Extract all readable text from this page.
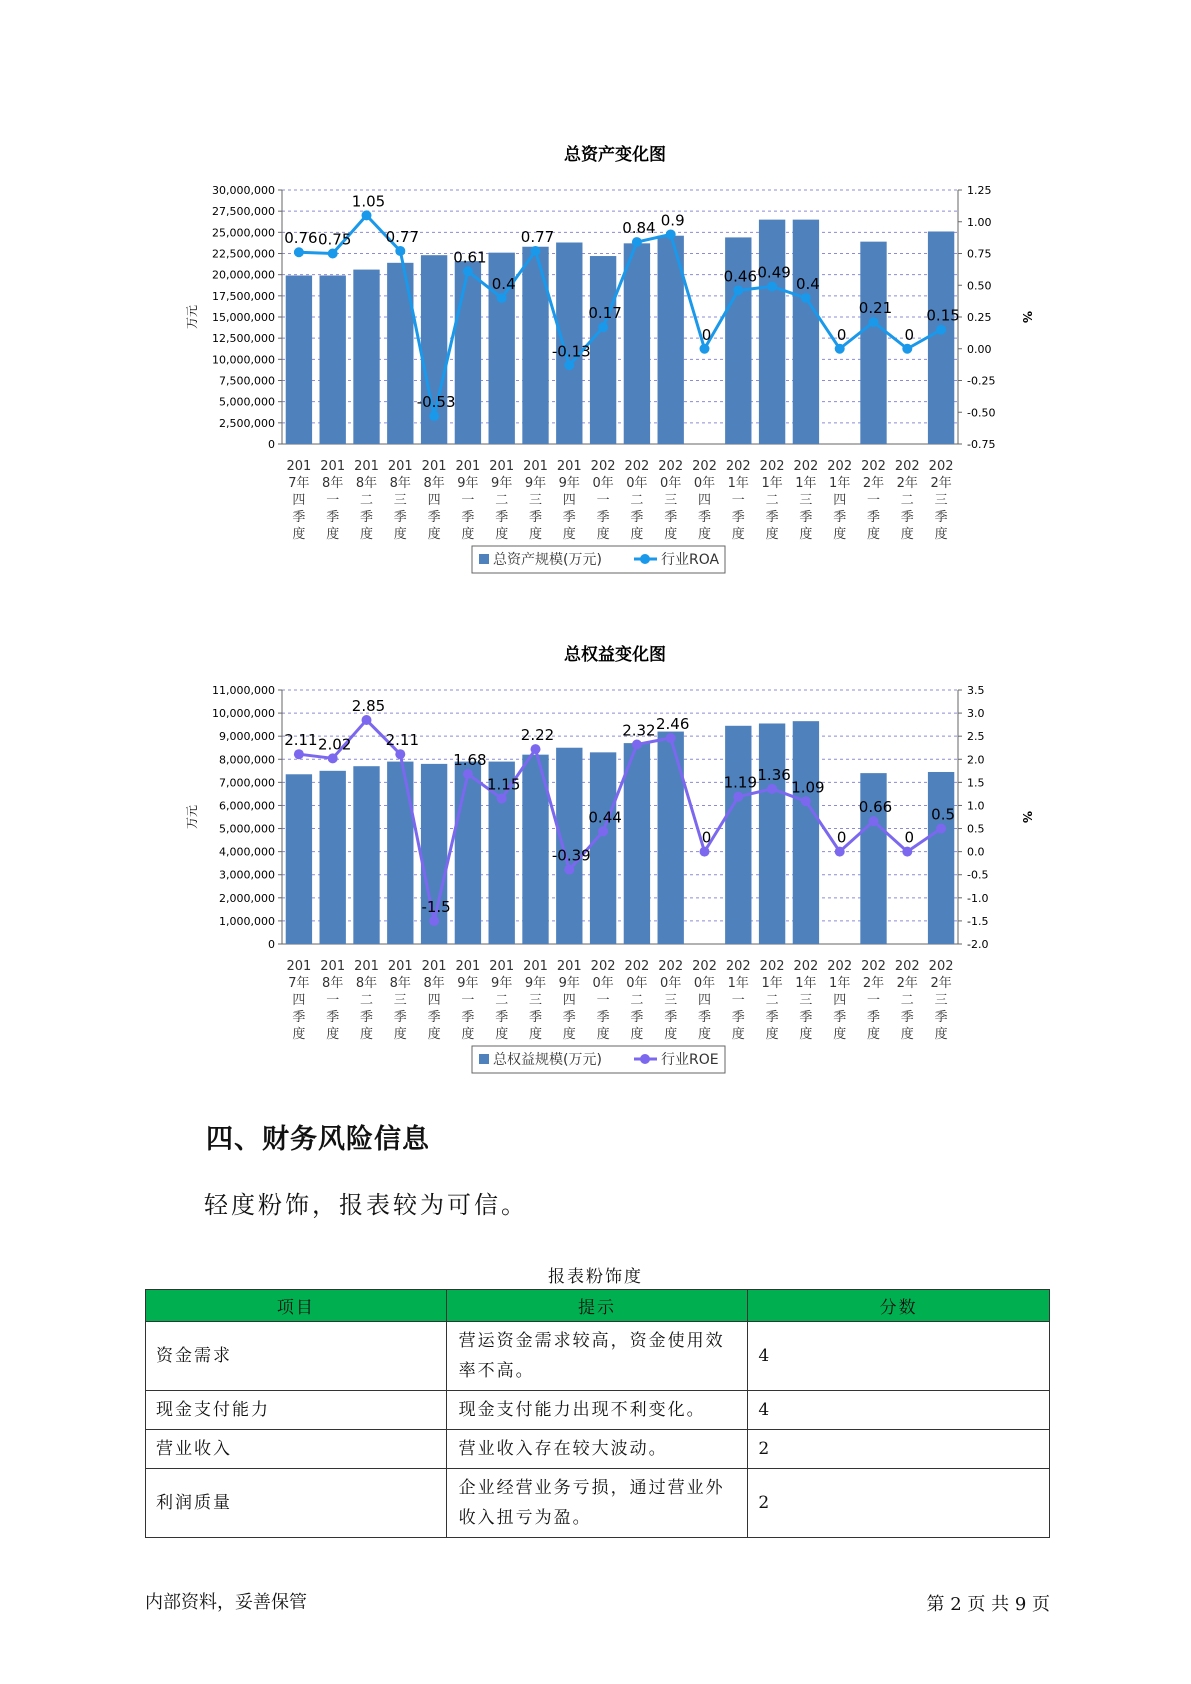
总资产变化图
0
2,500,000
5,000,000
7,500,000
10,000,000
12,500,000
15,000,000
17,500,000
20,000,000
22,500,000
25,000,000
27,500,000
30,000,000
-0.75
-0.50
-0.25
0.00
0.25
0.50
0.75
1.00
1.25
万元	%
201 7年四季度
201 8年一季度
201 8年二季度
201 8年三季度
201 8年四季度
201 9年一季度
201 9年二季度
201 9年三季度
201 9年四季度
202 0年一季度
202 0年二季度
202 0年三季度
202 0年四季度
202 1年一季度
202 1年二季度
202 1年三季度
202 1年四季度
202 2年一季度
202 2年二季度
202 2年三季度
0.76 0.75
1.05
0.77
-0.53
0.61
0.4
0.77
-0.13
0.17
0.84 0.9
0
0.46 0.49
0.4
0
0.21
0
0.15
总资产规模(万元)	行业ROA
总权益变化图
0
1,000,000
2,000,000
3,000,000
4,000,000
5,000,000
6,000,000
7,000,000
8,000,000
9,000,000
10,000,000
11,000,000
-2.0
-1.5
-1.0
-0.5
0.0
0.5
1.0
1.5
2.0
2.5
3.0
3.5
万元	%
201 7年四季度
201 8年一季度
201 8年二季度
201 8年三季度
201 8年四季度
201 9年一季度
201 9年二季度
201 9年三季度
201 9年四季度
202 0年一季度
202 0年二季度
202 0年三季度
202 0年四季度
202 1年一季度
202 1年二季度
202 1年三季度
202 1年四季度
202 2年一季度
202 2年二季度
202 2年三季度
2.11 2.02
2.85
2.11
-1.5
1.68
1.15
2.22
-0.39
0.44
2.32 2.46
0
1.19 1.36
1.09
0
0.66
0
0.5
总权益规模(万元)	行业ROE
四、财务风险信息
轻度粉饰，报表较为可信。
报表粉饰度
项目	提示	分数
资金需求	营运资金需求较高，资金使用效率不高。	4
现金支付能力	现金支付能力出现不利变化。	4
营业收入	营业收入存在较大波动。	2
利润质量	企业经营业务亏损，通过营业外收入扭亏为盈。	2
内部资料，妥善保管	第 2 页 共 9 页
